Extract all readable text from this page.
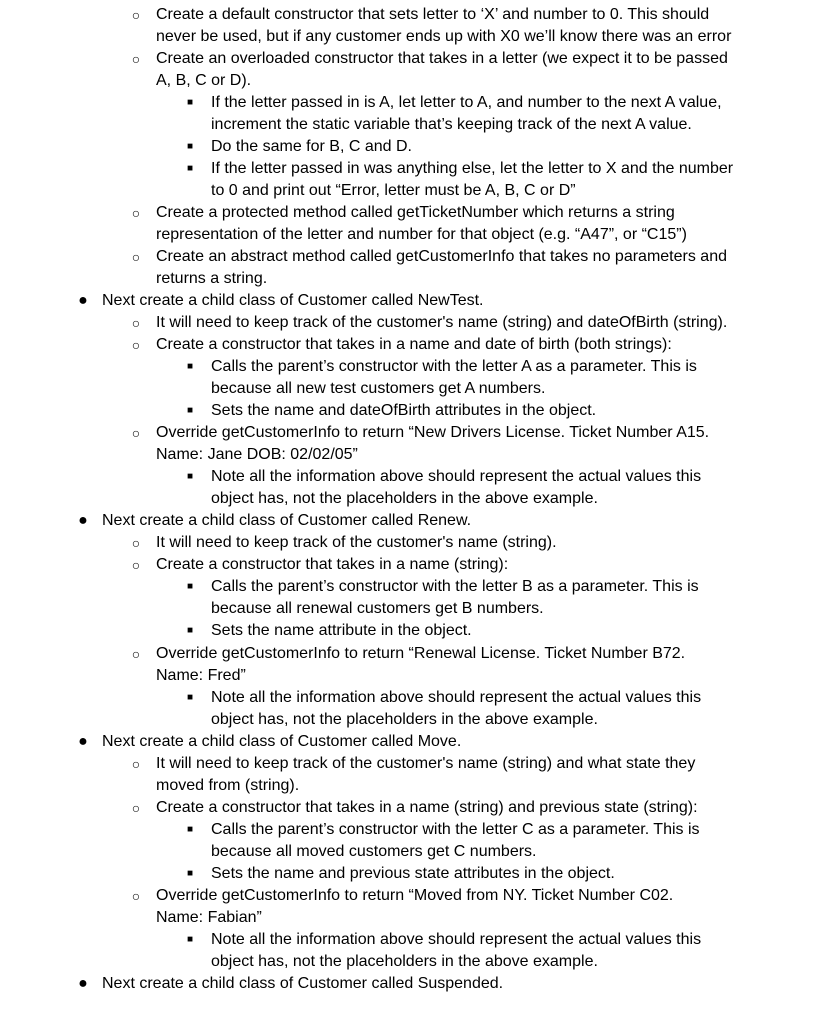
○ Create a default constructor that sets letter to ‘X’ and number to 0. This should
never be used, but if any customer ends up with X0 we’ll know there was an error
○ Create an overloaded constructor that takes in a letter (we expect it to be passed
A, B, C or D).
■ If the letter passed in is A, let letter to A, and number to the next A value,
increment the static variable that’s keeping track of the next A value.
■ Do the same for B, C and D.
■ If the letter passed in was anything else, let the letter to X and the number
to 0 and print out “Error, letter must be A, B, C or D”
○ Create a protected method called getTicketNumber which returns a string
representation of the letter and number for that object (e.g. “A47”, or “C15”)
○ Create an abstract method called getCustomerInfo that takes no parameters and
returns a string.
● Next create a child class of Customer called NewTest.
○ It will need to keep track of the customer's name (string) and dateOfBirth (string).
○ Create a constructor that takes in a name and date of birth (both strings):
■ Calls the parent’s constructor with the letter A as a parameter. This is
because all new test customers get A numbers.
■ Sets the name and dateOfBirth attributes in the object.
○ Override getCustomerInfo to return “New Drivers License. Ticket Number A15.
Name: Jane DOB: 02/02/05”
■ Note all the information above should represent the actual values this
object has, not the placeholders in the above example.
● Next create a child class of Customer called Renew.
○ It will need to keep track of the customer's name (string).
○ Create a constructor that takes in a name (string):
■ Calls the parent’s constructor with the letter B as a parameter. This is
because all renewal customers get B numbers.
■ Sets the name attribute in the object.
○ Override getCustomerInfo to return “Renewal License. Ticket Number B72.
Name: Fred”
■ Note all the information above should represent the actual values this
object has, not the placeholders in the above example.
● Next create a child class of Customer called Move.
○ It will need to keep track of the customer's name (string) and what state they
moved from (string).
○ Create a constructor that takes in a name (string) and previous state (string):
■ Calls the parent’s constructor with the letter C as a parameter. This is
because all moved customers get C numbers.
■ Sets the name and previous state attributes in the object.
○ Override getCustomerInfo to return “Moved from NY. Ticket Number C02.
Name: Fabian”
■ Note all the information above should represent the actual values this
object has, not the placeholders in the above example.
● Next create a child class of Customer called Suspended.
